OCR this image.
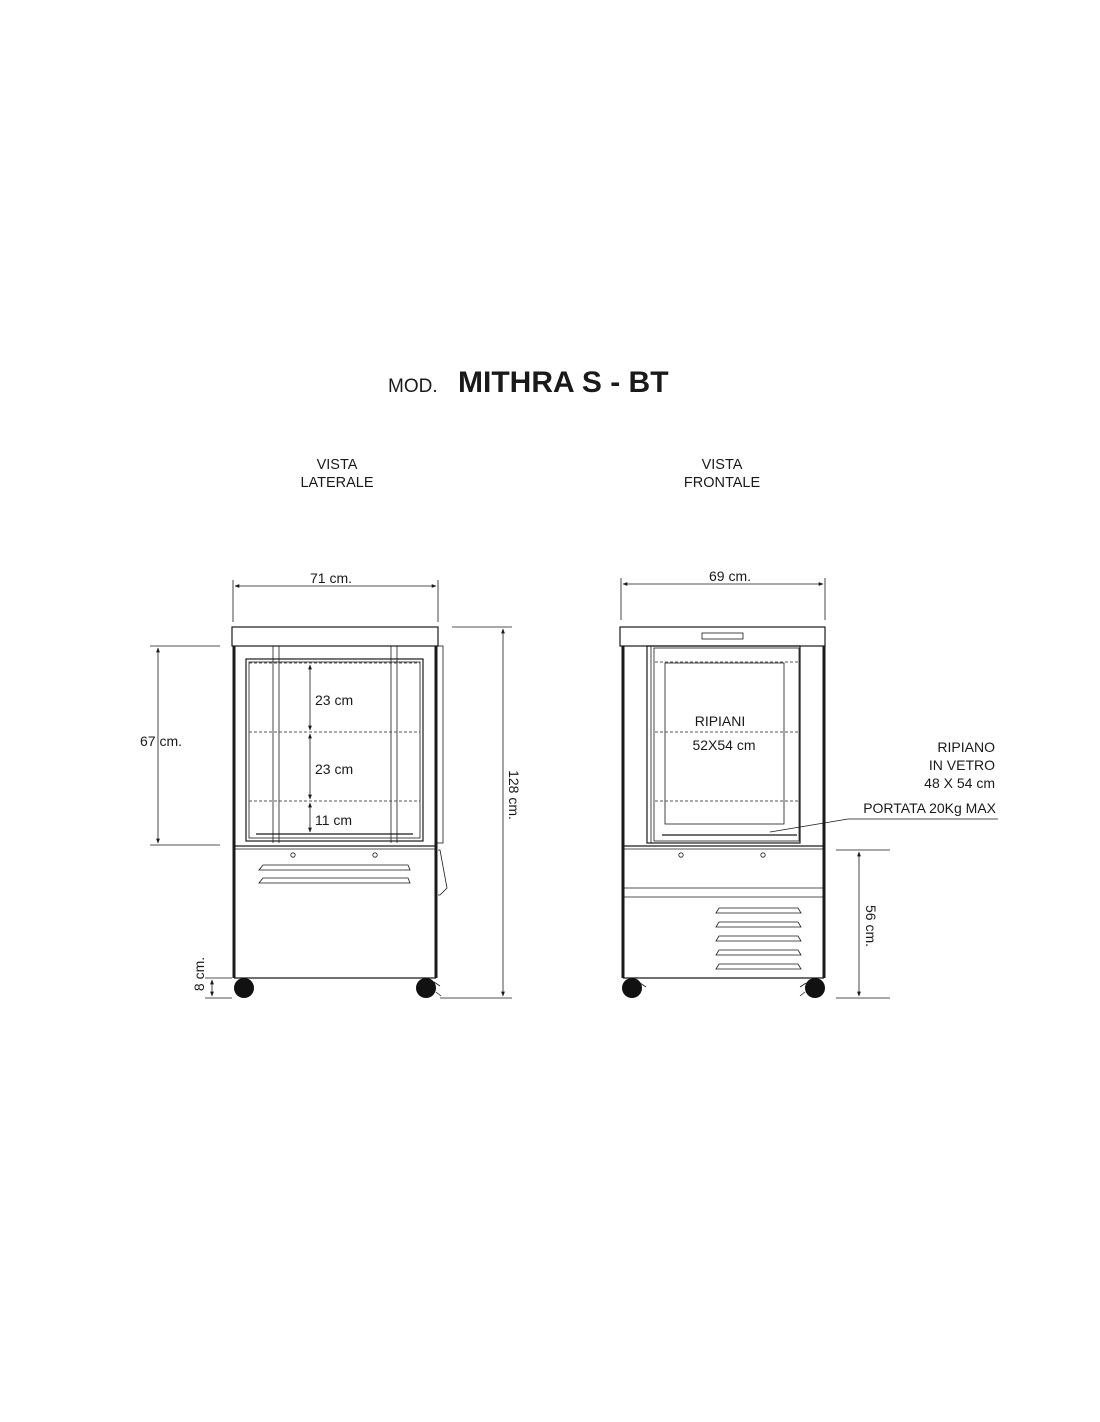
MOD. MITHRA S - BT
VISTA
LATERALE
VISTA
FRONTALE
71 cm.
23 cm
23 cm
11 cm
67 cm.
8 cm.
128 cm.
69 cm.
RIPIANI
52X54 cm	RIPIANO
IN VETRO
48 X 54 cm
PORTATA 20Kg MAX
56 cm.
